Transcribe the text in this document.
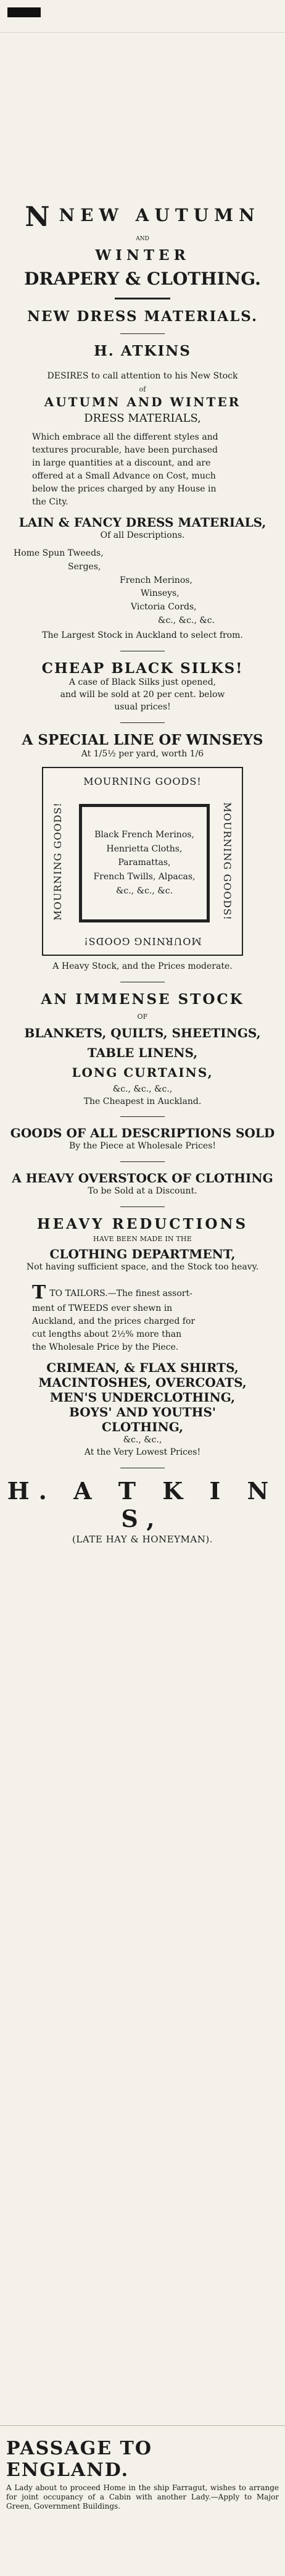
NNEW AUTUMN
AND
WINTER
DRAPERY & CLOTHING.
NEW DRESS MATERIALS.
H. ATKINS
DESIRES to call attention to his New Stock
of
AUTUMN AND WINTER
DRESS MATERIALS,

Which embrace all the different styles and

textures procurable, have been purchased

in large quantities at a discount, and are

offered at a Small Advance on Cost, much

below the prices charged by any House in

the City.

LAIN & FANCY DRESS MATERIALS,
Of all Descriptions.
Home Spun Tweeds,
Serges,
French Merinos,
Winseys,
Victoria Cords,
&c., &c., &c.
The Largest Stock in Auckland to select from.
CHEAP BLACK SILKS!
A case of Black Silks just opened,
and will be sold at 20 per cent. below
usual prices!
A SPECIAL LINE OF WINSEYS
At 1/5½ per yard, worth 1/6
MOURNING GOODS!
MOURNING GOODS!	MOURNING GOODS!
MOURNING GOODS!
Black French Merinos,
Henrietta Cloths,
Paramattas,
French Twills, Alpacas,
&c., &c., &c.
A Heavy Stock, and the Prices moderate.
AN IMMENSE STOCK
OF
BLANKETS, QUILTS, SHEETINGS,
TABLE LINENS,
LONG CURTAINS,
&c., &c., &c.,
The Cheapest in Auckland.
GOODS OF ALL DESCRIPTIONS SOLD
By the Piece at Wholesale Prices!
A HEAVY OVERSTOCK OF CLOTHING
To be Sold at a Discount.
HEAVY REDUCTIONS
HAVE BEEN MADE IN THE
CLOTHING DEPARTMENT,
Not having sufficient space, and the Stock too heavy.
TTO TAILORS.—The finest assort-
ment of TWEEDS ever shewn in
Auckland, and the prices charged for
cut lengths about 2½% more than
the Wholesale Price by the Piece.
CRIMEAN, & FLAX SHIRTS,
MACINTOSHES, OVERCOATS,
MEN'S UNDERCLOTHING,
BOYS' AND YOUTHS'
CLOTHING,
&c., &c.,
At the Very Lowest Prices!
H. A T K I N S,
(LATE HAY & HONEYMAN).
PASSAGE TO ENGLAND.
A Lady about to proceed Home in the ship Farragut, wishes to arrange for joint occupancy of a Cabin with another Lady.—Apply to Major Green, Government Buildings.
